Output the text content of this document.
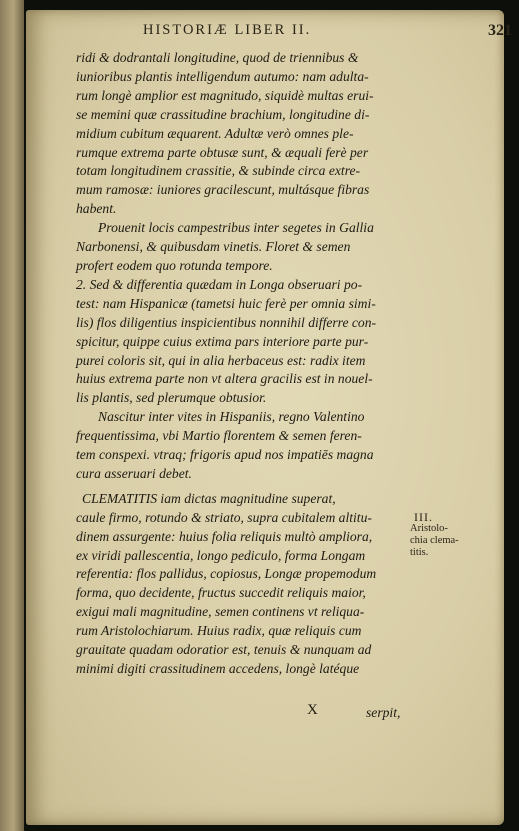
HISTORIÆ LIBER II.	321
ridi & dodrantali longitudine, quod de triennibus &
iunioribus plantis intelligendum autumo: nam adulta-
rum longè amplior est magnitudo, siquidè multas erui-
se memini quæ crassitudine brachium, longitudine di-
midium cubitum æquarent. Adultæ verò omnes ple-
rumque extrema parte obtusæ sunt, & æquali ferè per
totam longitudinem crassitie, & subinde circa extre-
mum ramosæ: iuniores gracilescunt, multásque fibras
habent.
Prouenit locis campestribus inter segetes in Gallia
Narbonensi, & quibusdam vinetis. Floret & semen
profert eodem quo rotunda tempore.
2. Sed & differentia quædam in Longa obseruari po-
test: nam Hispanicæ (tametsi huic ferè per omnia simi-
lis) flos diligentius inspicientibus nonnihil differre con-
spicitur, quippe cuius extima pars interiore parte pur-
purei coloris sit, qui in alia herbaceus est: radix item
huius extrema parte non vt altera gracilis est in nouel-
lis plantis, sed plerumque obtusior.
Nascitur inter vites in Hispaniis, regno Valentino
frequentissima, vbi Martio florentem & semen feren-
tem conspexi. vtraq; frigoris apud nos impatiēs magna
cura asseruari debet.
CLEMATITIS iam dictas magnitudine superat,
caule firmo, rotundo & striato, supra cubitalem altitu-
dinem assurgente: huius folia reliquis multò ampliora,
ex viridi pallescentia, longo pediculo, forma Longam
referentia: flos pallidus, copiosus, Longæ propemodum
forma, quo decidente, fructus succedit reliquis maior,
exigui mali magnitudine, semen continens vt reliqua-
rum Aristolochiarum. Huius radix, quæ reliquis cum
grauitate quadam odoratior est, tenuis & nunquam ad
minimi digiti crassitudinem accedens, longè latéque
III.
Aristolo-
chia clema-
titis.
X	serpit,
